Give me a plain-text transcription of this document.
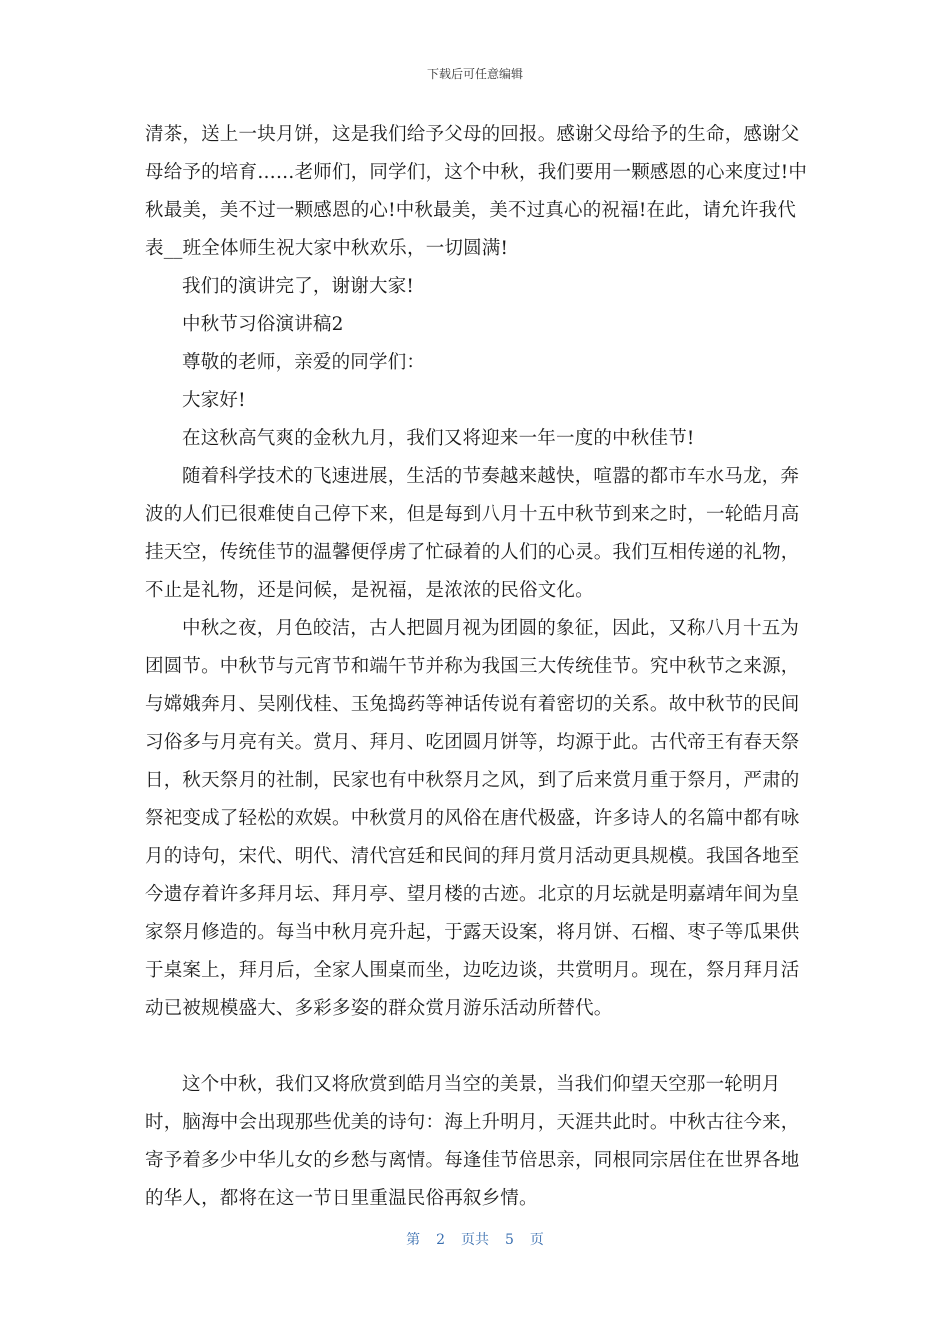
下载后可任意编辑

清茶，送上一块月饼，这是我们给予父母的回报。感谢父母给予的生命，感谢父母给予的培育……老师们，同学们，这个中秋，我们要用一颗感恩的心来度过!中秋最美，美不过一颗感恩的心!中秋最美，美不过真心的祝福!在此，请允许我代表__班全体师生祝大家中秋欢乐，一切圆满!

我们的演讲完了，谢谢大家!

中秋节习俗演讲稿2

尊敬的老师，亲爱的同学们：

大家好!

在这秋高气爽的金秋九月，我们又将迎来一年一度的中秋佳节!

随着科学技术的飞速进展，生活的节奏越来越快，喧嚣的都市车水马龙，奔波的人们已很难使自己停下来，但是每到八月十五中秋节到来之时，一轮皓月高挂天空，传统佳节的温馨便俘虏了忙碌着的人们的心灵。我们互相传递的礼物，不止是礼物，还是问候，是祝福，是浓浓的民俗文化。

中秋之夜，月色皎洁，古人把圆月视为团圆的象征，因此，又称八月十五为团圆节。中秋节与元宵节和端午节并称为我国三大传统佳节。究中秋节之来源，与嫦娥奔月、吴刚伐桂、玉兔捣药等神话传说有着密切的关系。故中秋节的民间习俗多与月亮有关。赏月、拜月、吃团圆月饼等，均源于此。古代帝王有春天祭日，秋天祭月的社制，民家也有中秋祭月之风，到了后来赏月重于祭月，严肃的祭祀变成了轻松的欢娱。中秋赏月的风俗在唐代极盛，许多诗人的名篇中都有咏月的诗句，宋代、明代、清代宫廷和民间的拜月赏月活动更具规模。我国各地至今遗存着许多拜月坛、拜月亭、望月楼的古迹。北京的月坛就是明嘉靖年间为皇家祭月修造的。每当中秋月亮升起，于露天设案，将月饼、石榴、枣子等瓜果供于桌案上，拜月后，全家人围桌而坐，边吃边谈，共赏明月。现在，祭月拜月活动已被规模盛大、多彩多姿的群众赏月游乐活动所替代。

这个中秋，我们又将欣赏到皓月当空的美景，当我们仰望天空那一轮明月时，脑海中会出现那些优美的诗句：海上升明月，天涯共此时。中秋古往今来，寄予着多少中华儿女的乡愁与离情。每逢佳节倍思亲，同根同宗居住在世界各地的华人，都将在这一节日里重温民俗再叙乡情。

第 2 页共 5 页
